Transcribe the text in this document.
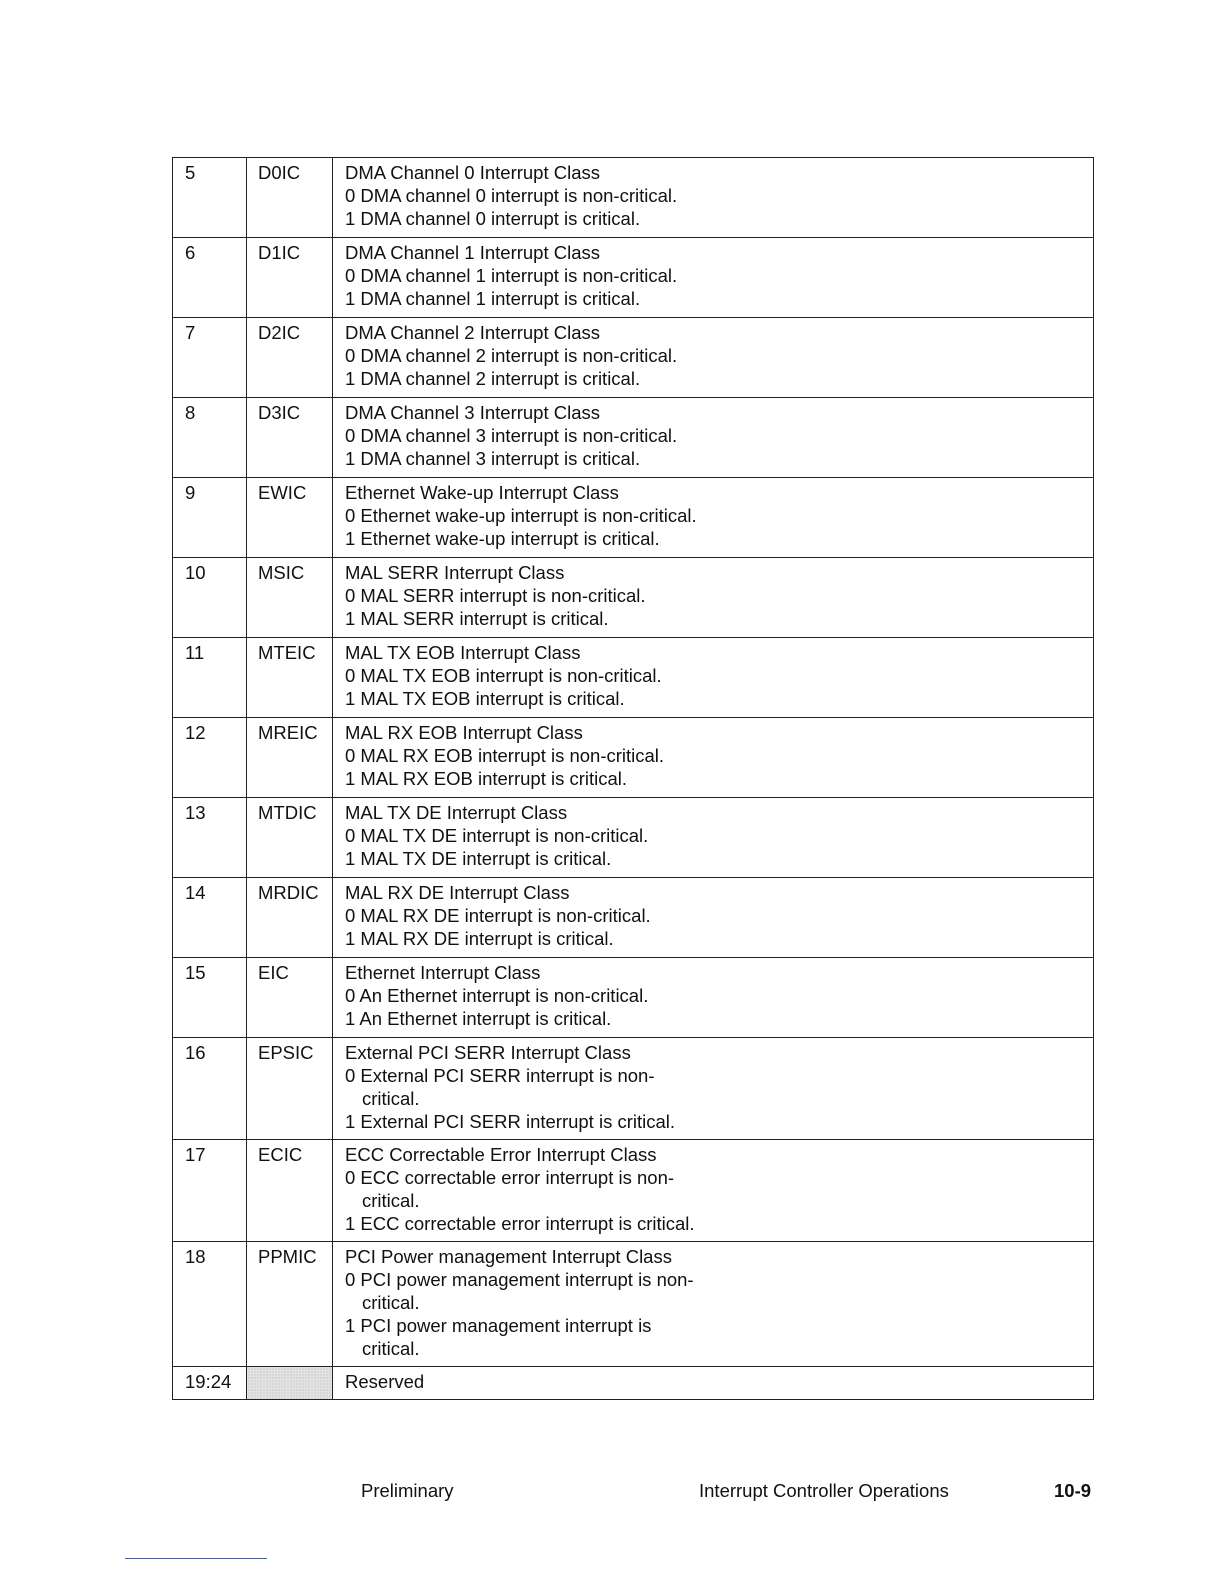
5	D0IC	DMA Channel 0 Interrupt Class
0 DMA channel 0 interrupt is non-critical.
1 DMA channel 0 interrupt is critical.

6	D1IC	DMA Channel 1 Interrupt Class
0 DMA channel 1 interrupt is non-critical.
1 DMA channel 1 interrupt is critical.

7	D2IC	DMA Channel 2 Interrupt Class
0 DMA channel 2 interrupt is non-critical.
1 DMA channel 2 interrupt is critical.

8	D3IC	DMA Channel 3 Interrupt Class
0 DMA channel 3 interrupt is non-critical.
1 DMA channel 3 interrupt is critical.

9	EWIC	Ethernet Wake-up Interrupt Class
0 Ethernet wake-up interrupt is non-critical.
1 Ethernet wake-up interrupt is critical.

10	MSIC	MAL SERR Interrupt Class
0 MAL SERR interrupt is non-critical.
1 MAL SERR interrupt is critical.

11	MTEIC	MAL TX EOB Interrupt Class
0 MAL TX EOB interrupt is non-critical.
1 MAL TX EOB interrupt is critical.

12	MREIC	MAL RX EOB Interrupt Class
0 MAL RX EOB interrupt is non-critical.
1 MAL RX EOB interrupt is critical.

13	MTDIC	MAL TX DE Interrupt Class
0 MAL TX DE interrupt is non-critical.
1 MAL TX DE interrupt is critical.

14	MRDIC	MAL RX DE Interrupt Class
0 MAL RX DE interrupt is non-critical.
1 MAL RX DE interrupt is critical.

15	EIC	Ethernet Interrupt Class
0 An Ethernet interrupt is non-critical.
1 An Ethernet interrupt is critical.

16	EPSIC	External PCI SERR Interrupt Class
0 External PCI SERR interrupt is non-critical.
1 External PCI SERR interrupt is critical.

17	ECIC	ECC Correctable Error Interrupt Class
0 ECC correctable error interrupt is non-critical.
1 ECC correctable error interrupt is critical.

18	PPMIC	PCI Power management Interrupt Class
0 PCI power management interrupt is non-critical.
1 PCI power management interrupt is critical.

19:24		Reserved
Preliminary	Interrupt Controller Operations	10-9
